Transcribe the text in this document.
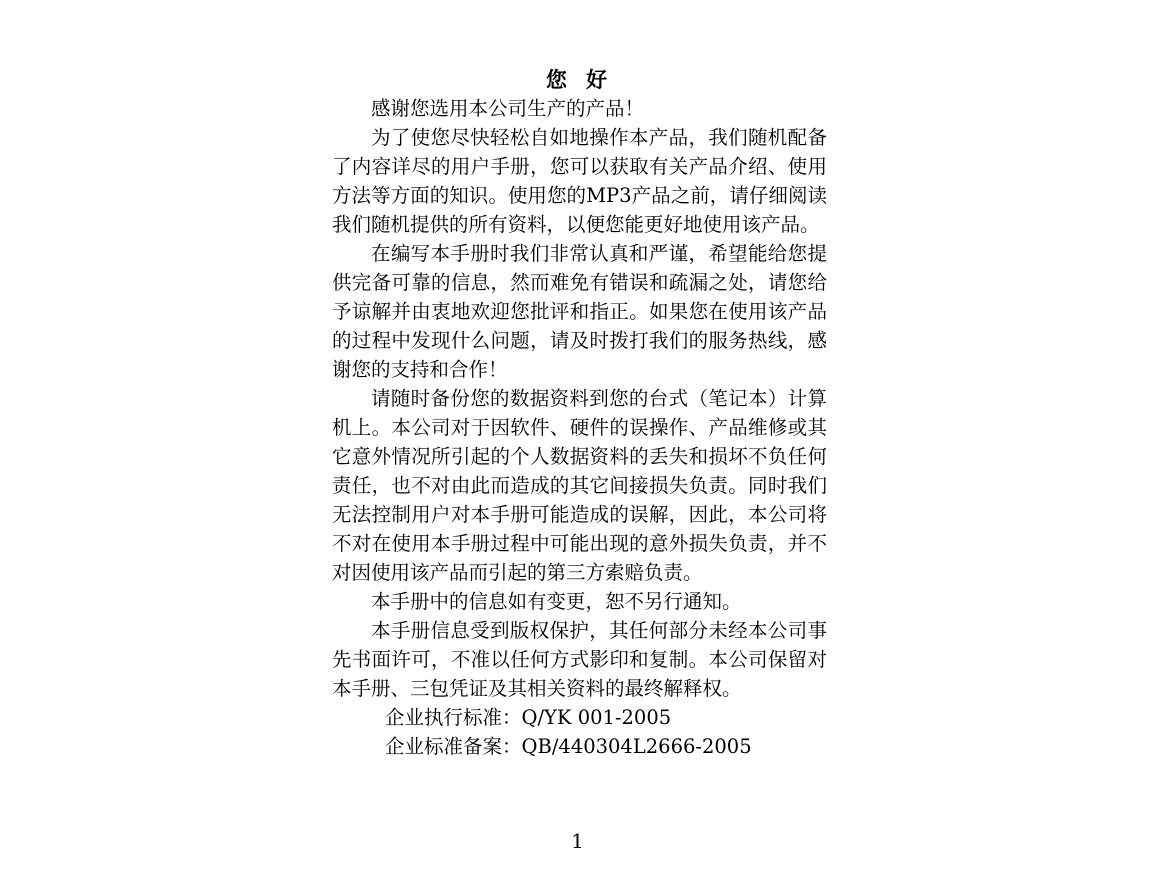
您 好

感谢您选用本公司生产的产品！

为了使您尽快轻松自如地操作本产品，我们随机配备了内容详尽的用户手册，您可以获取有关产品介绍、使用方法等方面的知识。使用您的MP3产品之前，请仔细阅读我们随机提供的所有资料，以便您能更好地使用该产品。

在编写本手册时我们非常认真和严谨，希望能给您提供完备可靠的信息，然而难免有错误和疏漏之处，请您给予谅解并由衷地欢迎您批评和指正。如果您在使用该产品的过程中发现什么问题，请及时拨打我们的服务热线，感谢您的支持和合作！

请随时备份您的数据资料到您的台式（笔记本）计算机上。本公司对于因软件、硬件的误操作、产品维修或其它意外情况所引起的个人数据资料的丢失和损坏不负任何责任，也不对由此而造成的其它间接损失负责。同时我们无法控制用户对本手册可能造成的误解，因此，本公司将不对在使用本手册过程中可能出现的意外损失负责，并不对因使用该产品而引起的第三方索赔负责。

本手册中的信息如有变更，恕不另行通知。

本手册信息受到版权保护，其任何部分未经本公司事先书面许可，不准以任何方式影印和复制。本公司保留对本手册、三包凭证及其相关资料的最终解释权。

企业执行标准：Q/YK 001-2005

企业标准备案：QB/440304L2666-2005

1
